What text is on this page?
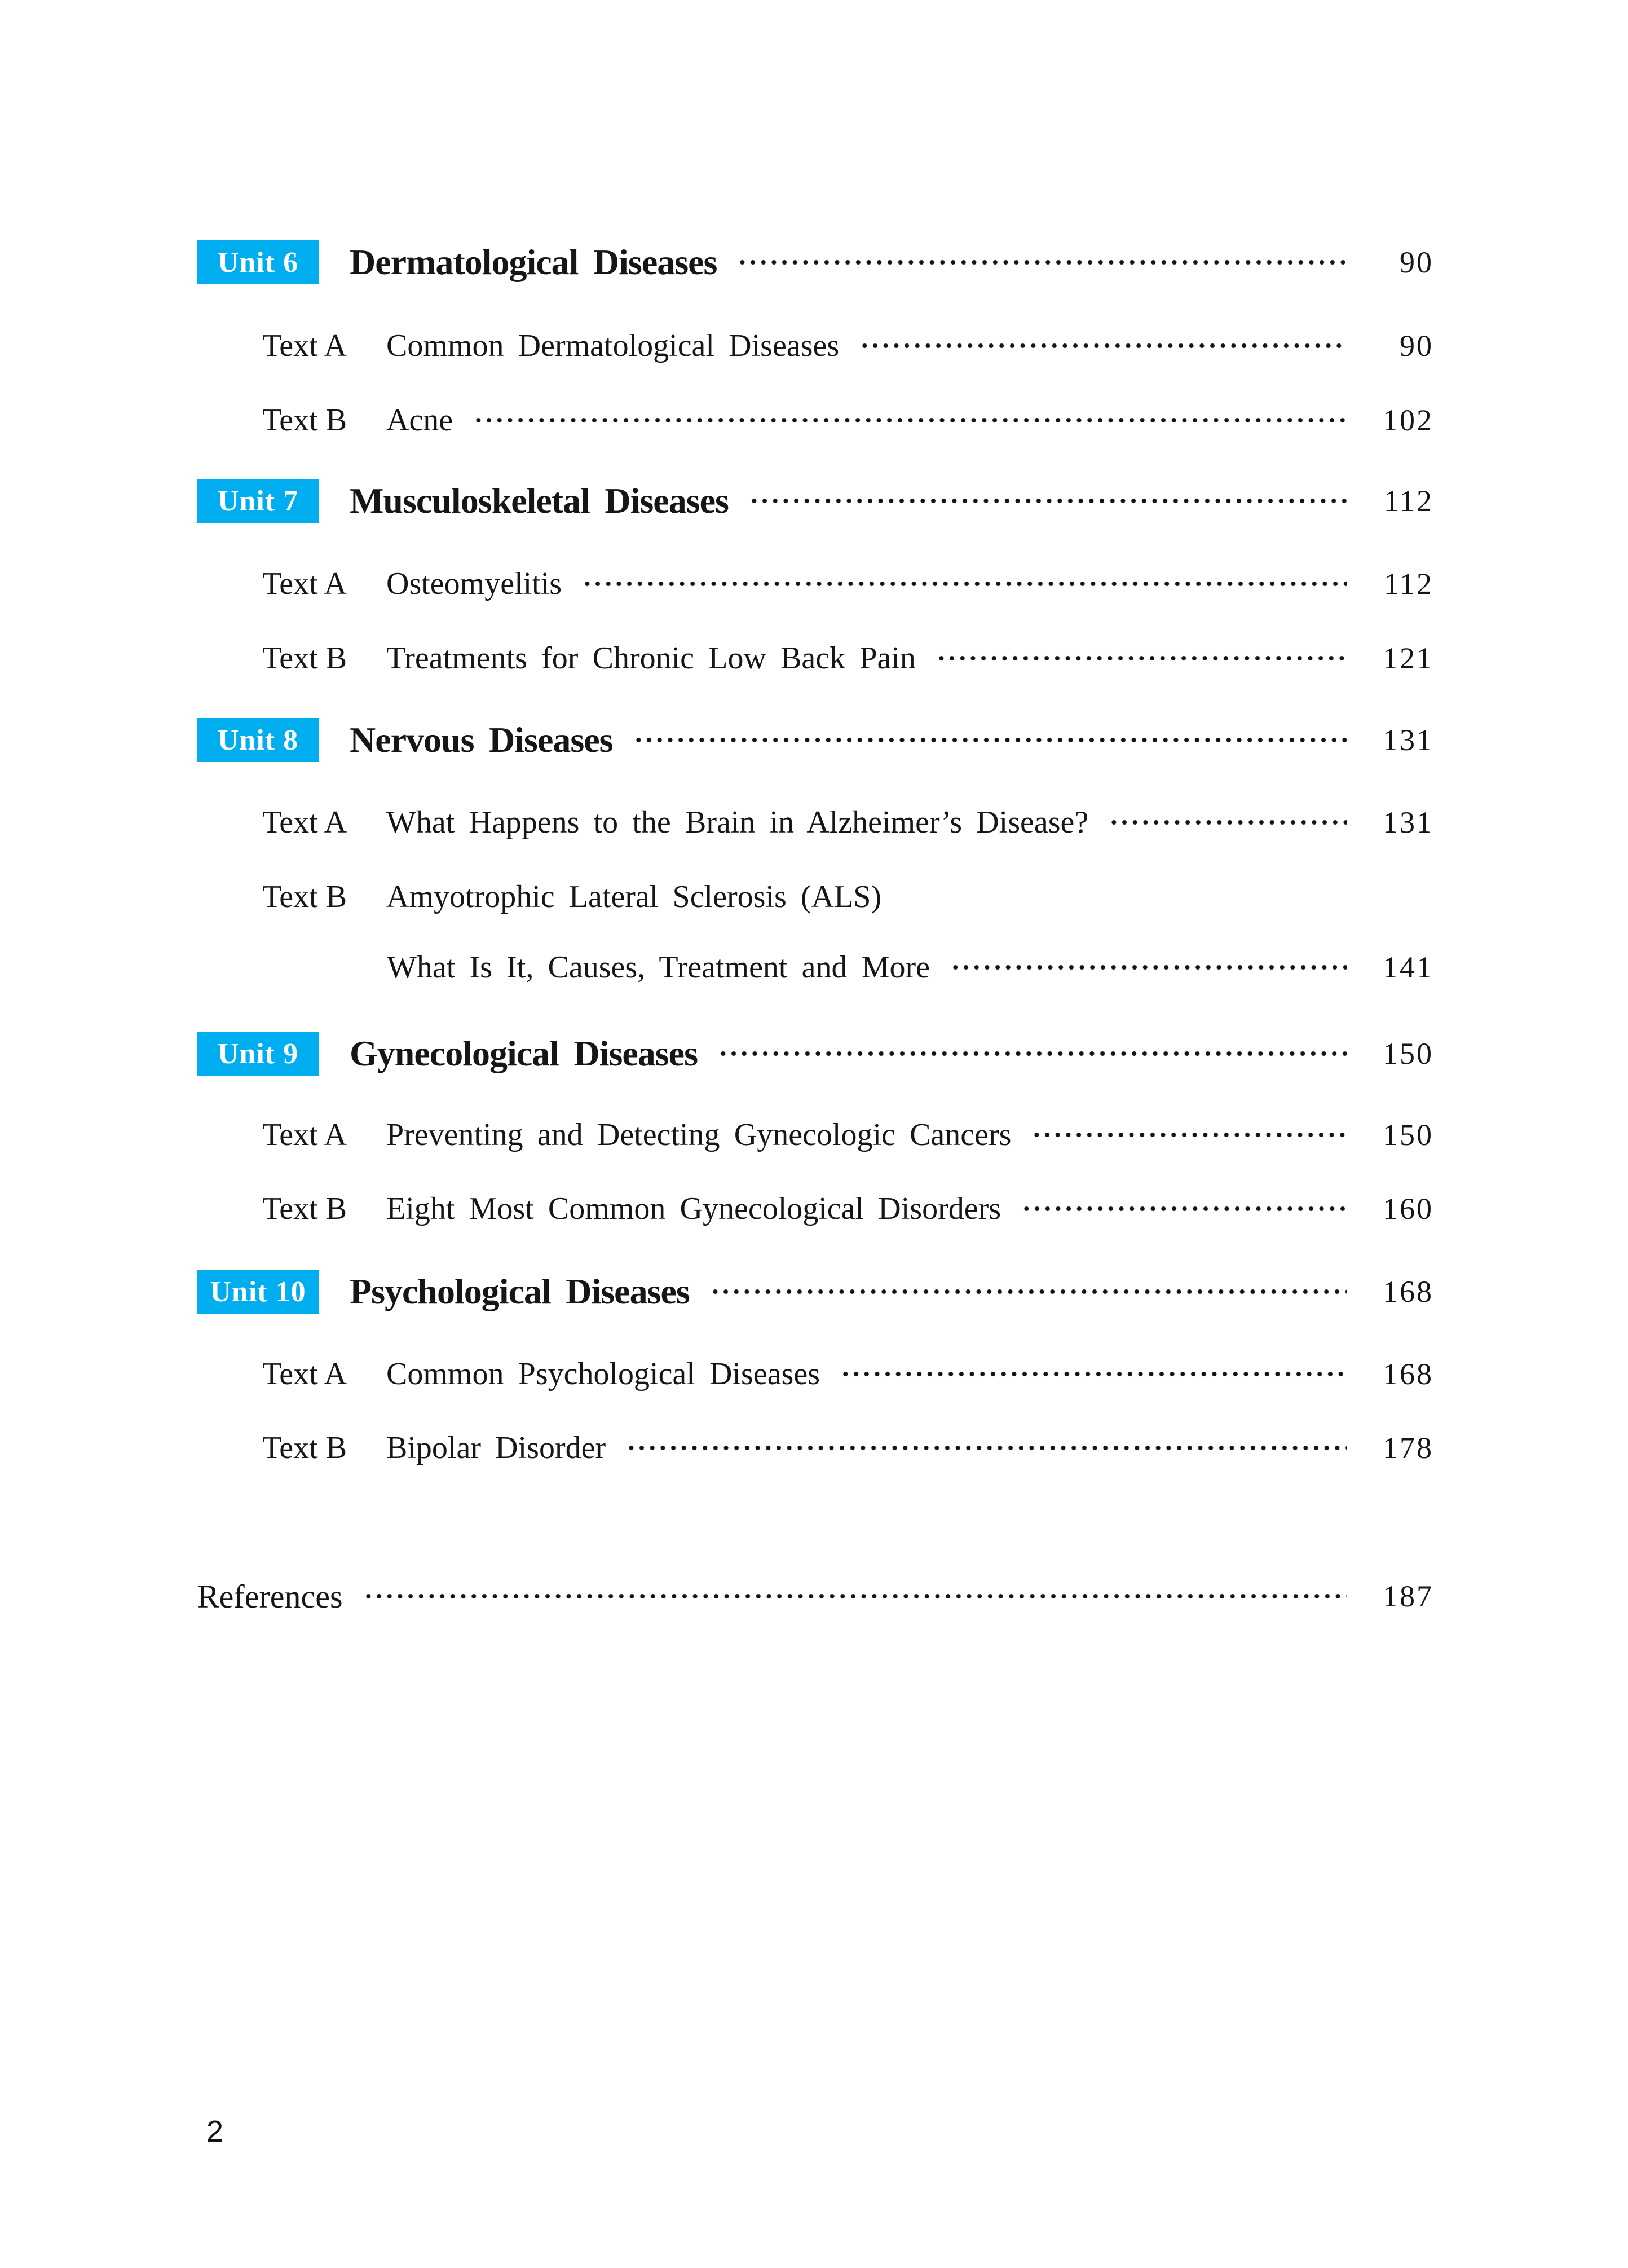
Unit 6	Dermatological Diseases	90
Text A	Common Dermatological Diseases	90
Text B	Acne	102
Unit 7	Musculoskeletal Diseases	112
Text A	Osteomyelitis	112
Text B	Treatments for Chronic Low Back Pain	121
Unit 8	Nervous Diseases	131
Text A	What Happens to the Brain in Alzheimer’s Disease?	131
Text B	Amyotrophic Lateral Sclerosis (ALS)
What Is It, Causes, Treatment and More	141
Unit 9	Gynecological Diseases	150
Text A	Preventing and Detecting Gynecologic Cancers	150
Text B	Eight Most Common Gynecological Disorders	160
Unit 10	Psychological Diseases	168
Text A	Common Psychological Diseases	168
Text B	Bipolar Disorder	178
References	187
2
